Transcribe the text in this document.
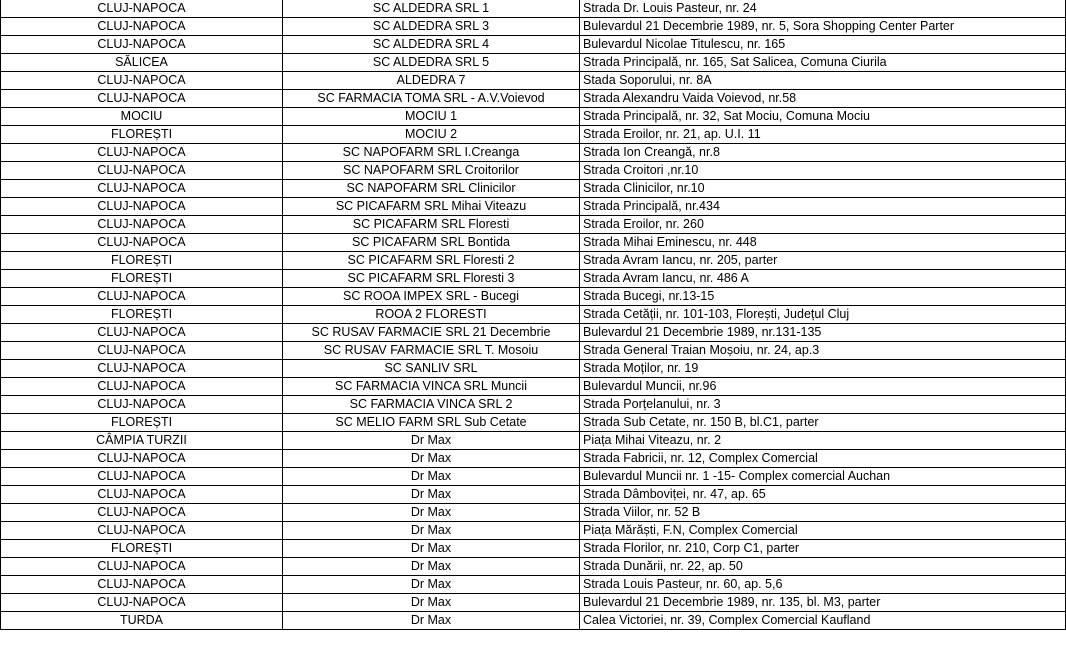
CLUJ-NAPOCA	SC ALDEDRA SRL 1	Strada Dr. Louis Pasteur, nr. 24
CLUJ-NAPOCA	SC ALDEDRA SRL 3	Bulevardul 21 Decembrie 1989, nr. 5, Sora Shopping Center Parter
CLUJ-NAPOCA	SC ALDEDRA SRL 4	Bulevardul Nicolae Titulescu, nr. 165
SĂLICEA	SC ALDEDRA SRL 5	Strada Principală, nr. 165, Sat Salicea, Comuna Ciurila
CLUJ-NAPOCA	ALDEDRA 7	Stada Soporului, nr. 8A
CLUJ-NAPOCA	SC FARMACIA TOMA SRL - A.V.Voievod	Strada Alexandru Vaida Voievod, nr.58
MOCIU	MOCIU 1	Strada Principală, nr. 32, Sat Mociu, Comuna Mociu
FLOREȘTI	MOCIU 2	Strada Eroilor, nr. 21, ap. U.I. 11
CLUJ-NAPOCA	SC NAPOFARM SRL I.Creanga	Strada Ion Creangă, nr.8
CLUJ-NAPOCA	SC NAPOFARM SRL Croitorilor	Strada Croitori ,nr.10
CLUJ-NAPOCA	SC NAPOFARM SRL Clinicilor	Strada Clinicilor, nr.10
CLUJ-NAPOCA	SC PICAFARM SRL Mihai Viteazu	Strada Principală, nr.434
CLUJ-NAPOCA	SC PICAFARM SRL Floresti	Strada Eroilor, nr. 260
CLUJ-NAPOCA	SC PICAFARM SRL Bontida	Strada Mihai Eminescu, nr. 448
FLOREȘTI	SC PICAFARM SRL Floresti 2	Strada Avram Iancu, nr. 205, parter
FLOREȘTI	SC PICAFARM SRL Floresti 3	Strada Avram Iancu, nr. 486 A
CLUJ-NAPOCA	SC ROOA IMPEX SRL - Bucegi	Strada Bucegi, nr.13-15
FLOREȘTI	ROOA 2 FLORESTI	Strada Cetății, nr. 101-103, Florești, Județul Cluj
CLUJ-NAPOCA	SC RUSAV FARMACIE SRL 21 Decembrie	Bulevardul 21 Decembrie 1989, nr.131-135
CLUJ-NAPOCA	SC RUSAV FARMACIE SRL T. Mosoiu	Strada General Traian Moșoiu, nr. 24, ap.3
CLUJ-NAPOCA	SC SANLIV SRL	Strada Moților, nr. 19
CLUJ-NAPOCA	SC FARMACIA VINCA SRL Muncii	Bulevardul Muncii, nr.96
CLUJ-NAPOCA	SC FARMACIA VINCA SRL 2	Strada Porțelanului, nr. 3
FLOREȘTI	SC MELIO FARM SRL Sub Cetate	Strada Sub Cetate, nr. 150 B, bl.C1, parter
CÂMPIA TURZII	Dr Max	Piața Mihai Viteazu, nr. 2
CLUJ-NAPOCA	Dr Max	Strada Fabricii, nr. 12, Complex Comercial
CLUJ-NAPOCA	Dr Max	Bulevardul Muncii nr. 1 -15- Complex comercial Auchan
CLUJ-NAPOCA	Dr Max	Strada Dâmboviței, nr. 47, ap. 65
CLUJ-NAPOCA	Dr Max	Strada Viilor, nr. 52 B
CLUJ-NAPOCA	Dr Max	Piața Mărăști, F.N, Complex Comercial
FLOREȘTI	Dr Max	Strada Florilor, nr. 210, Corp C1, parter
CLUJ-NAPOCA	Dr Max	Strada Dunării, nr. 22, ap. 50
CLUJ-NAPOCA	Dr Max	Strada Louis Pasteur, nr. 60, ap. 5,6
CLUJ-NAPOCA	Dr Max	Bulevardul 21 Decembrie 1989, nr. 135, bl. M3, parter
TURDA	Dr Max	Calea Victoriei, nr. 39, Complex Comercial Kaufland
